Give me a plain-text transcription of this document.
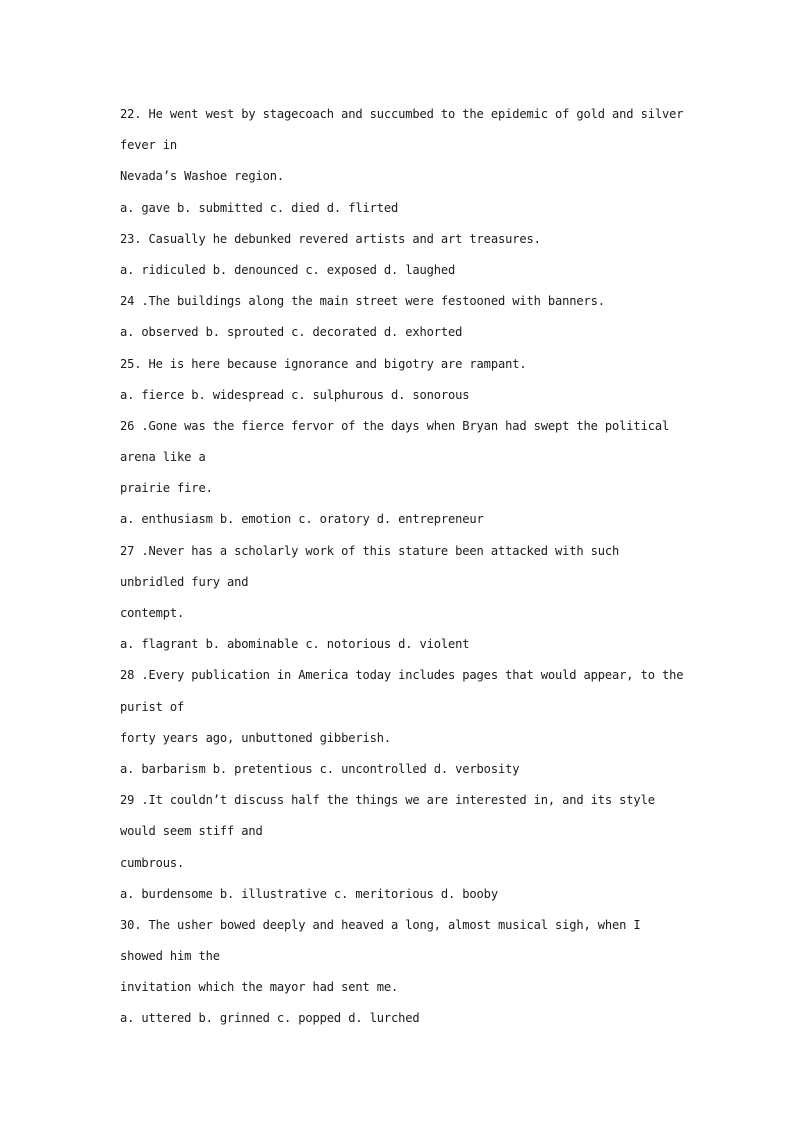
22. He went west by stagecoach and succumbed to the epidemic of gold and silver
fever in
Nevada’s Washoe region.
a. gave b. submitted c. died d. flirted
23. Casually he debunked revered artists and art treasures.
a. ridiculed b. denounced c. exposed d. laughed
24 .The buildings along the main street were festooned with banners.
a. observed b. sprouted c. decorated d. exhorted
25. He is here because ignorance and bigotry are rampant.
a. fierce b. widespread c. sulphurous d. sonorous
26 .Gone was the fierce fervor of the days when Bryan had swept the political
arena like a
prairie fire.
a. enthusiasm b. emotion c. oratory d. entrepreneur
27 .Never has a scholarly work of this stature been attacked with such
unbridled fury and
contempt.
a. flagrant b. abominable c. notorious d. violent
28 .Every publication in America today includes pages that would appear, to the
purist of
forty years ago, unbuttoned gibberish.
a. barbarism b. pretentious c. uncontrolled d. verbosity
29 .It couldn’t discuss half the things we are interested in, and its style
would seem stiff and
cumbrous.
a. burdensome b. illustrative c. meritorious d. booby
30. The usher bowed deeply and heaved a long, almost musical sigh, when I
showed him the
invitation which the mayor had sent me.
a. uttered b. grinned c. popped d. lurched
